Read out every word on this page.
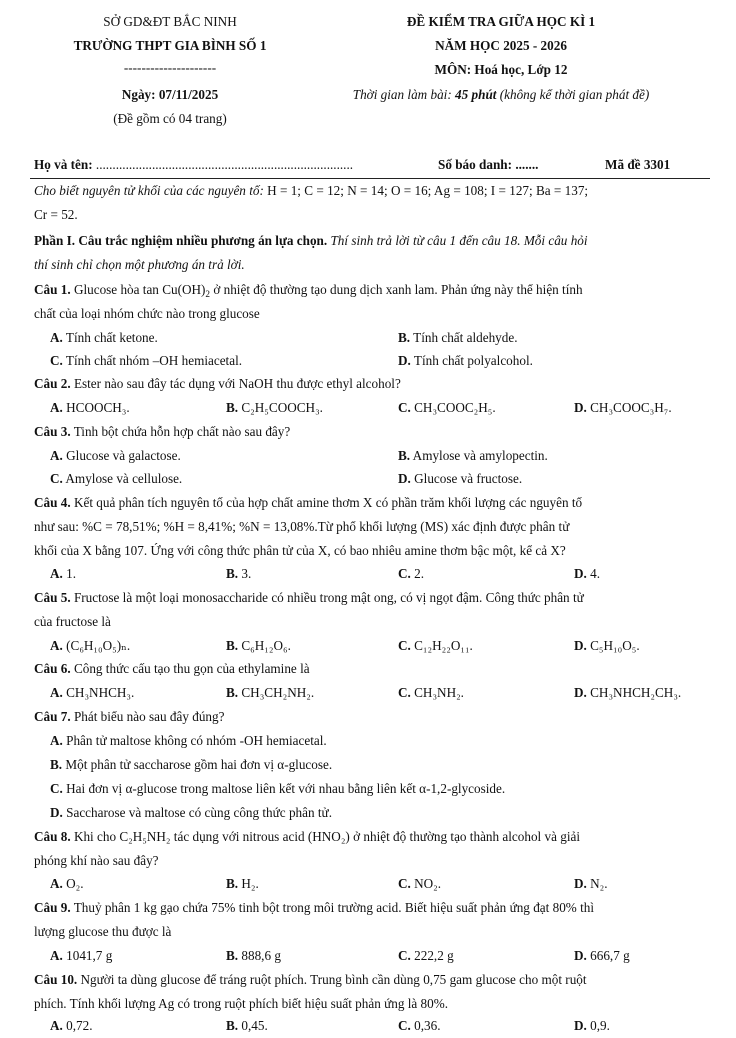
SỞ GD&ĐT BẮC NINH
TRƯỜNG THPT GIA BÌNH SỐ 1
---------------------
Ngày: 07/11/2025
(Đề gồm có 04 trang)
ĐỀ KIỂM TRA GIỮA HỌC KÌ 1
NĂM HỌC 2025 - 2026
MÔN: Hoá học, Lớp 12
Thời gian làm bài: 45 phút (không kể thời gian phát đề)
Họ và tên: ..............................................................................	Số báo danh: .......	Mã đề 3301
Cho biết nguyên tử khối của các nguyên tố: H = 1; C = 12; N = 14; O = 16; Ag = 108; I = 127; Ba = 137;
Cr = 52.
Phần I. Câu trắc nghiệm nhiều phương án lựa chọn. Thí sinh trả lời từ câu 1 đến câu 18. Mỗi câu hỏi
thí sinh chỉ chọn một phương án trả lời.
Câu 1. Glucose hòa $\tan Cu(OH)_2$ ở nhiệt độ thường tạo dung dịch xanh lam. Phản ứng này thể hiện tính
chất của loại nhóm chức nào trong glucose
A. Tính chất ketone.	B. Tính chất aldehyde.
C. Tính chất nhóm –OH hemiacetal.	D. Tính chất polyalcohol.
Câu 2. Ester nào sau đây tác dụng với NaOH thu được ethyl alcohol?
A. HCOOCH₃.	B. C₂H₅COOCH₃.	C. CH₃COOC₂H₅.	D. CH₃COOC₃H₇.
Câu 3. Tinh bột chứa hỗn hợp chất nào sau đây?
A. Glucose và galactose.	B. Amylose và amylopectin.
C. Amylose và cellulose.	D. Glucose và fructose.
Câu 4. Kết quả phân tích nguyên tố của hợp chất amine thơm X có phần trăm khối lượng các nguyên tố
như sau: %C = 78,51%; %H = 8,41%; %N = 13,08%.Từ phổ khối lượng (MS) xác định được phân tử
khối của X bằng 107. Ứng với công thức phân tử của X, có bao nhiêu amine thơm bậc một, kể cả X?
A. 1.	B. 3.	C. 2.	D. 4.
Câu 5. Fructose là một loại monosaccharide có nhiều trong mật ong, có vị ngọt đậm. Công thức phân tử
của fructose là
A. (C₆H₁₀O₅)ₙ.	B. C₆H₁₂O₆.	C. C₁₂H₂₂O₁₁.	D. C₅H₁₀O₅.
Câu 6. Công thức cấu tạo thu gọn của ethylamine là
A. CH₃NHCH₃.	B. CH₃CH₂NH₂.	C. CH₃NH₂.	D. CH₃NHCH₂CH₃.
Câu 7. Phát biểu nào sau đây đúng?
A. Phân tử maltose không có nhóm -OH hemiacetal.
B. Một phân tử saccharose gồm hai đơn vị α-glucose.
C. Hai đơn vị α-glucose trong maltose liên kết với nhau bằng liên kết α-1,2-glycoside.
D. Saccharose và maltose có cùng công thức phân tử.
Câu 8. Khi cho C₂H₅NH₂ tác dụng với nitrous acid (HNO₂) ở nhiệt độ thường tạo thành alcohol và giải
phóng khí nào sau đây?
A. O₂.	B. H₂.	C. NO₂.	D. N₂.
Câu 9. Thuỷ phân 1 kg gạo chứa 75% tinh bột trong môi trường acid. Biết hiệu suất phản ứng đạt 80% thì
lượng glucose thu được là
A. 1041,7 g	B. 888,6 g	C. 222,2 g	D. 666,7 g
Câu 10. Người ta dùng glucose để tráng ruột phích. Trung bình cần dùng 0,75 gam glucose cho một ruột
phích. Tính khối lượng Ag có trong ruột phích biết hiệu suất phản ứng là 80%.
A. 0,72.	B. 0,45.	C. 0,36.	D. 0,9.
